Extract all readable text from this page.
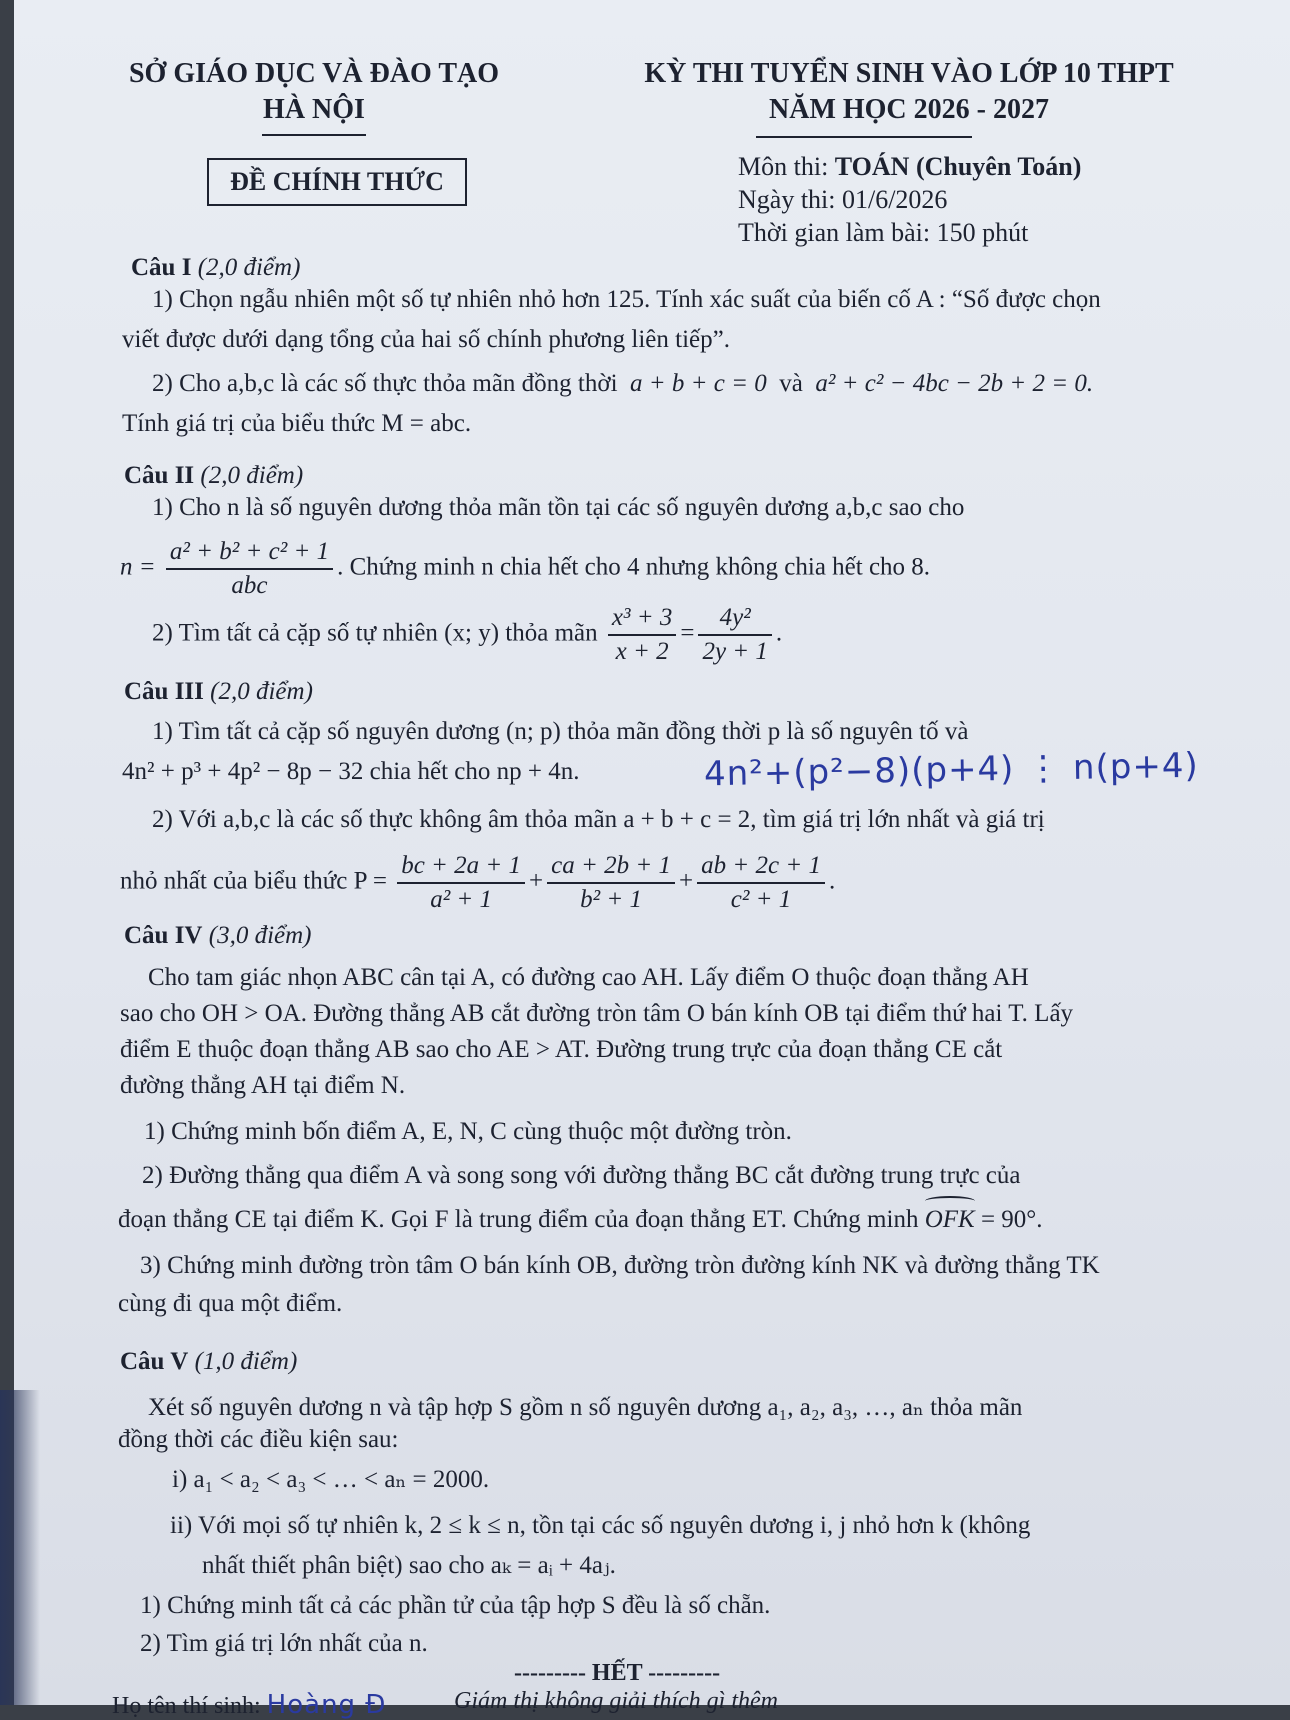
SỞ GIÁO DỤC VÀ ĐÀO TẠO
HÀ NỘI
KỲ THI TUYỂN SINH VÀO LỚP 10 THPT
NĂM HỌC 2026 - 2027
ĐỀ CHÍNH THỨC
Môn thi: TOÁN (Chuyên Toán)
Ngày thi: 01/6/2026
Thời gian làm bài: 150 phút
Câu I (2,0 điểm)
1) Chọn ngẫu nhiên một số tự nhiên nhỏ hơn 125. Tính xác suất của biến cố A : “Số được chọn
viết được dưới dạng tổng của hai số chính phương liên tiếp”.
2) Cho a,b,c là các số thực thỏa mãn đồng thời a + b + c = 0 và a² + c² − 4bc − 2b + 2 = 0.
Tính giá trị của biểu thức M = abc.
Câu II (2,0 điểm)
1) Cho n là số nguyên dương thỏa mãn tồn tại các số nguyên dương a,b,c sao cho
$n = \frac{\text{a² + b² + c² + 1}}{\text{abc}}$ . Chứng minh n chia hết cho 4 nhưng không chia hết cho 8.
2) Tìm tất cả cặp số tự nhiên (x; y) thỏa mãn $\frac{\text{x³ + 3}}{x + 2} = \frac{\text{4y²}}{2y + 1}$ .
Câu III (2,0 điểm)
1) Tìm tất cả cặp số nguyên dương (n; p) thỏa mãn đồng thời p là số nguyên tố và
4n² + p³ + 4p² − 8p − 32 chia hết cho np + 4n.	4n²+(p²−8)(p+4) ⋮ n(p+4)
2) Với a,b,c là các số thực không âm thỏa mãn a + b + c = 2, tìm giá trị lớn nhất và giá trị
nhỏ nhất của biểu thức $P = \frac{bc + 2a + 1}{\text{a² + 1}} + \frac{ca + 2b + 1}{\text{b² + 1}} + \frac{ab + 2c + 1}{\text{c² + 1}}$ .
Câu IV (3,0 điểm)
Cho tam giác nhọn ABC cân tại A, có đường cao AH. Lấy điểm O thuộc đoạn thẳng AH
sao cho OH > OA. Đường thẳng AB cắt đường tròn tâm O bán kính OB tại điểm thứ hai T. Lấy
điểm E thuộc đoạn thẳng AB sao cho AE > AT. Đường trung trực của đoạn thẳng CE cắt
đường thẳng AH tại điểm N.
1) Chứng minh bốn điểm A, E, N, C cùng thuộc một đường tròn.
2) Đường thẳng qua điểm A và song song với đường thẳng BC cắt đường trung trực của
đoạn thẳng CE tại điểm K. Gọi F là trung điểm của đoạn thẳng ET. Chứng minh OFK = 90°.
3) Chứng minh đường tròn tâm O bán kính OB, đường tròn đường kính NK và đường thẳng TK
cùng đi qua một điểm.
Câu V (1,0 điểm)
Xét số nguyên dương n và tập hợp S gồm n số nguyên dương a₁, a₂, a₃, …, aₙ thỏa mãn
đồng thời các điều kiện sau:
i) a₁ < a₂ < a₃ < … < aₙ = 2000.
ii) Với mọi số tự nhiên k, 2 ≤ k ≤ n, tồn tại các số nguyên dương i, j nhỏ hơn k (không
nhất thiết phân biệt) sao cho aₖ = aᵢ + 4aⱼ.
1) Chứng minh tất cả các phần tử của tập hợp S đều là số chẵn.
2) Tìm giá trị lớn nhất của n.
--------- HẾT ---------
Họ tên thí sinh: Hoàng Đ	Giám thị không giải thích gì thêm
